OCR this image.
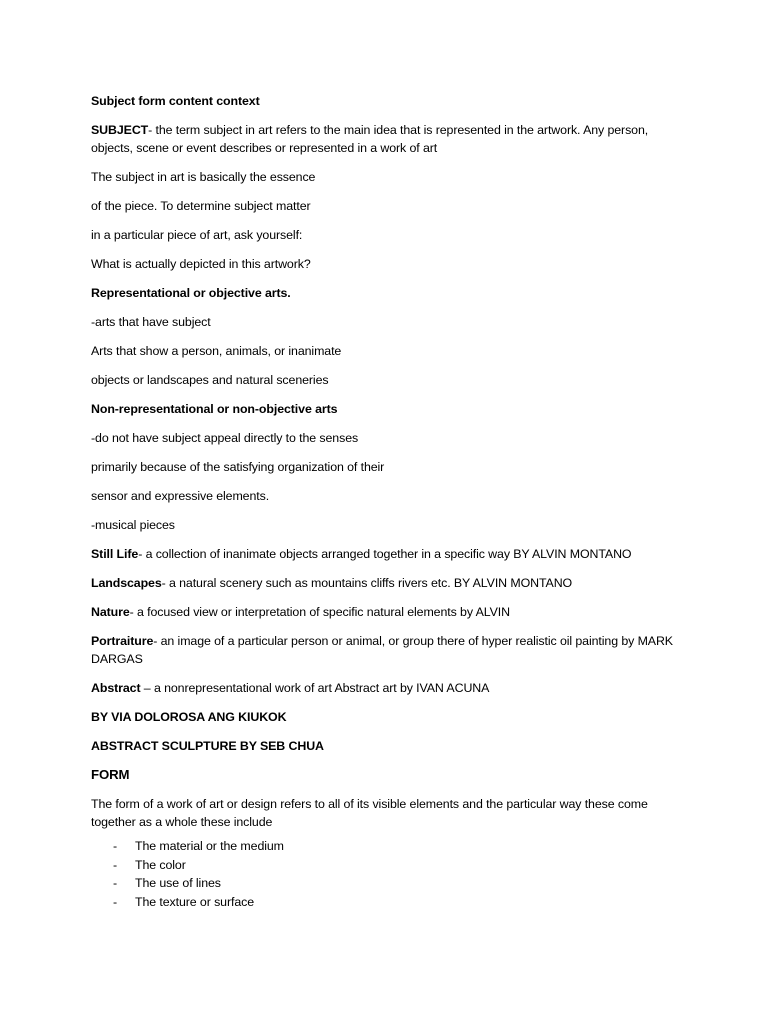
Subject form content context

SUBJECT- the term subject in art refers to the main idea that is represented in the artwork. Any person, objects, scene or event describes or represented in a work of art

The subject in art is basically the essence

of the piece. To determine subject matter

in a particular piece of art, ask yourself:

What is actually depicted in this artwork?

Representational or objective arts.

-arts that have subject

Arts that show a person, animals, or inanimate

objects or landscapes and natural sceneries

Non-representational or non-objective arts

-do not have subject appeal directly to the senses

primarily because of the satisfying organization of their

sensor and expressive elements.

-musical pieces

Still Life- a collection of inanimate objects arranged together in a specific way BY ALVIN MONTANO

Landscapes- a natural scenery such as mountains cliffs rivers etc. BY ALVIN MONTANO

Nature- a focused view or interpretation of specific natural elements by ALVIN

Portraiture- an image of a particular person or animal, or group there of hyper realistic oil painting by MARK DARGAS

Abstract – a nonrepresentational work of art Abstract art by IVAN ACUNA

BY VIA DOLOROSA ANG KIUKOK

ABSTRACT SCULPTURE BY SEB CHUA

FORM

The form of a work of art or design refers to all of its visible elements and the particular way these come together as a whole these include

- The material or the medium
- The color
- The use of lines
- The texture or surface
